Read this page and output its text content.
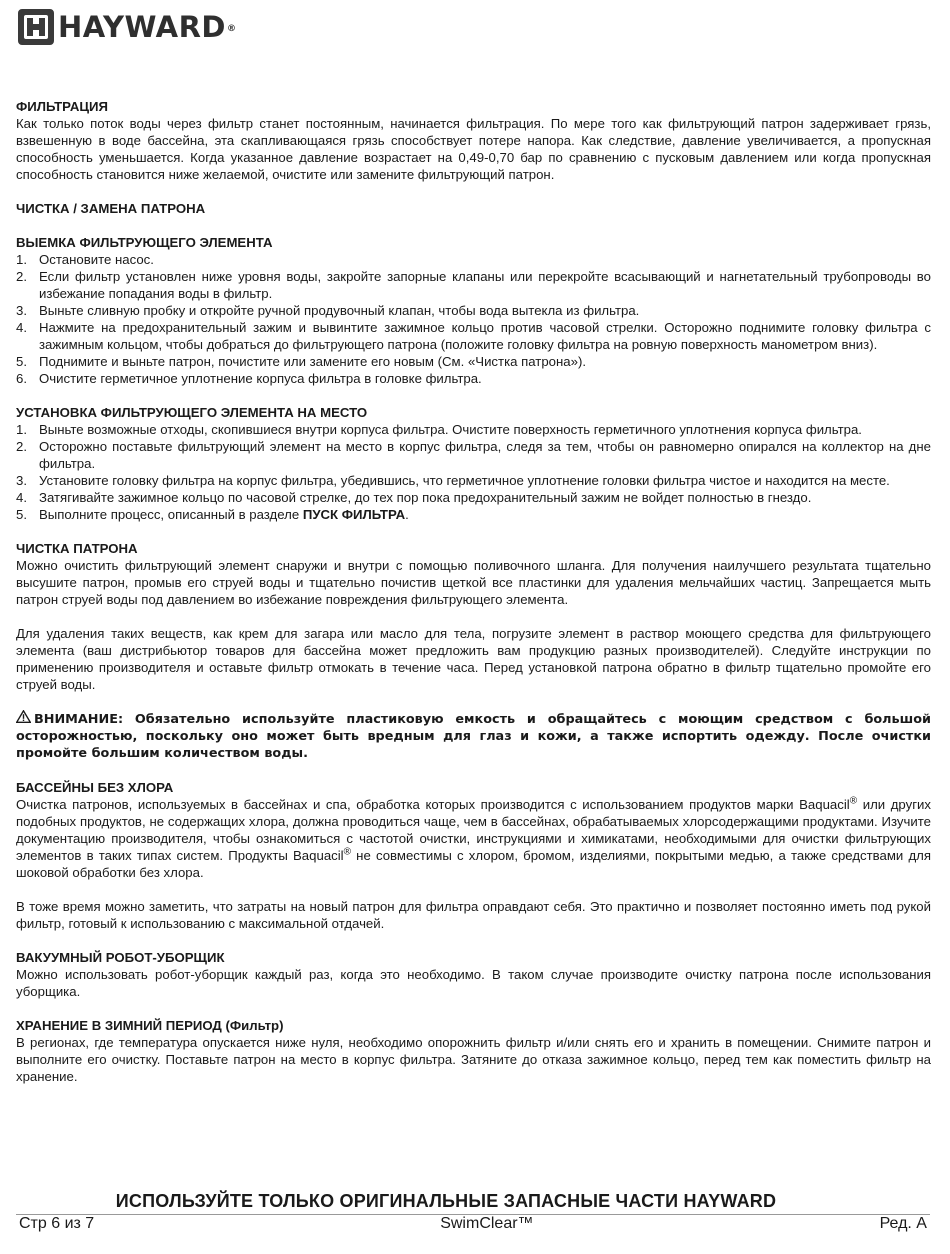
HAYWARD®
ФИЛЬТРАЦИЯ

Как только поток воды через фильтр станет постоянным, начинается фильтрация. По мере того как фильтрующий патрон задерживает грязь, взвешенную в воде бассейна, эта скапливающаяся грязь способствует потере напора. Как следствие, давление увеличивается, а пропускная способность уменьшается. Когда указанное давление возрастает на 0,49-0,70 бар по сравнению с пусковым давлением или когда пропускная способность становится ниже желаемой, очистите или замените фильтрующий патрон.

ЧИСТКА / ЗАМЕНА ПАТРОНА
ВЫЕМКА ФИЛЬТРУЮЩЕГО ЭЛЕМЕНТА
1. Остановите насос.
2. Если фильтр установлен ниже уровня воды, закройте запорные клапаны или перекройте всасывающий и нагнетательный трубопроводы во избежание попадания воды в фильтр.
3. Выньте сливную пробку и откройте ручной продувочный клапан, чтобы вода вытекла из фильтра.
4. Нажмите на предохранительный зажим и вывинтите зажимное кольцо против часовой стрелки. Осторожно поднимите головку фильтра с зажимным кольцом, чтобы добраться до фильтрующего патрона (положите головку фильтра на ровную поверхность манометром вниз).
5. Поднимите и выньте патрон, почистите или замените его новым (См. «Чистка патрона»).
6. Очистите герметичное уплотнение корпуса фильтра в головке фильтра.
УСТАНОВКА ФИЛЬТРУЮЩЕГО ЭЛЕМЕНТА НА МЕСТО
1. Выньте возможные отходы, скопившиеся внутри корпуса фильтра. Очистите поверхность герметичного уплотнения корпуса фильтра.
2. Осторожно поставьте фильтрующий элемент на место в корпус фильтра, следя за тем, чтобы он равномерно опирался на коллектор на дне фильтра.
3. Установите головку фильтра на корпус фильтра, убедившись, что герметичное уплотнение головки фильтра чистое и находится на месте.
4. Затягивайте зажимное кольцо по часовой стрелке, до тех пор пока предохранительный зажим не войдет полностью в гнездо.
5. Выполните процесс, описанный в разделе ПУСК ФИЛЬТРА.
ЧИСТКА ПАТРОНА

Можно очистить фильтрующий элемент снаружи и внутри с помощью поливочного шланга. Для получения наилучшего результата тщательно высушите патрон, промыв его струей воды и тщательно почистив щеткой все пластинки для удаления мельчайших частиц. Запрещается мыть патрон струей воды под давлением во избежание повреждения фильтрующего элемента.

Для удаления таких веществ, как крем для загара или масло для тела, погрузите элемент в раствор моющего средства для фильтрующего элемента (ваш дистрибьютор товаров для бассейна может предложить вам продукцию разных производителей). Следуйте инструкции по применению производителя и оставьте фильтр отмокать в течение часа. Перед установкой патрона обратно в фильтр тщательно промойте его струей воды.

ВНИМАНИЕ: Обязательно используйте пластиковую емкость и обращайтесь с моющим средством с большой осторожностью, поскольку оно может быть вредным для глаз и кожи, а также испортить одежду. После очистки промойте большим количеством воды.

БАССЕЙНЫ БЕЗ ХЛОРА

Очистка патронов, используемых в бассейнах и спа, обработка которых производится с использованием продуктов марки Baquacil® или других подобных продуктов, не содержащих хлора, должна проводиться чаще, чем в бассейнах, обрабатываемых хлорсодержащими продуктами. Изучите документацию производителя, чтобы ознакомиться с частотой очистки, инструкциями и химикатами, необходимыми для очистки фильтрующих элементов в таких типах систем. Продукты Baquacil® не совместимы с хлором, бромом, изделиями, покрытыми медью, а также средствами для шоковой обработки без хлора.

В тоже время можно заметить, что затраты на новый патрон для фильтра оправдают себя. Это практично и позволяет постоянно иметь под рукой фильтр, готовый к использованию с максимальной отдачей.

ВАКУУМНЫЙ РОБОТ-УБОРЩИК

Можно использовать робот-уборщик каждый раз, когда это необходимо. В таком случае производите очистку патрона после использования уборщика.

ХРАНЕНИЕ В ЗИМНИЙ ПЕРИОД (Фильтр)

В регионах, где температура опускается ниже нуля, необходимо опорожнить фильтр и/или снять его и хранить в помещении. Снимите патрон и выполните его очистку. Поставьте патрон на место в корпус фильтра. Затяните до отказа зажимное кольцо, перед тем как поместить фильтр на хранение.

ИСПОЛЬЗУЙТЕ ТОЛЬКО ОРИГИНАЛЬНЫЕ ЗАПАСНЫЕ ЧАСТИ HAYWARD
Стр 6 из 7	SwimClear™	Ред. A
